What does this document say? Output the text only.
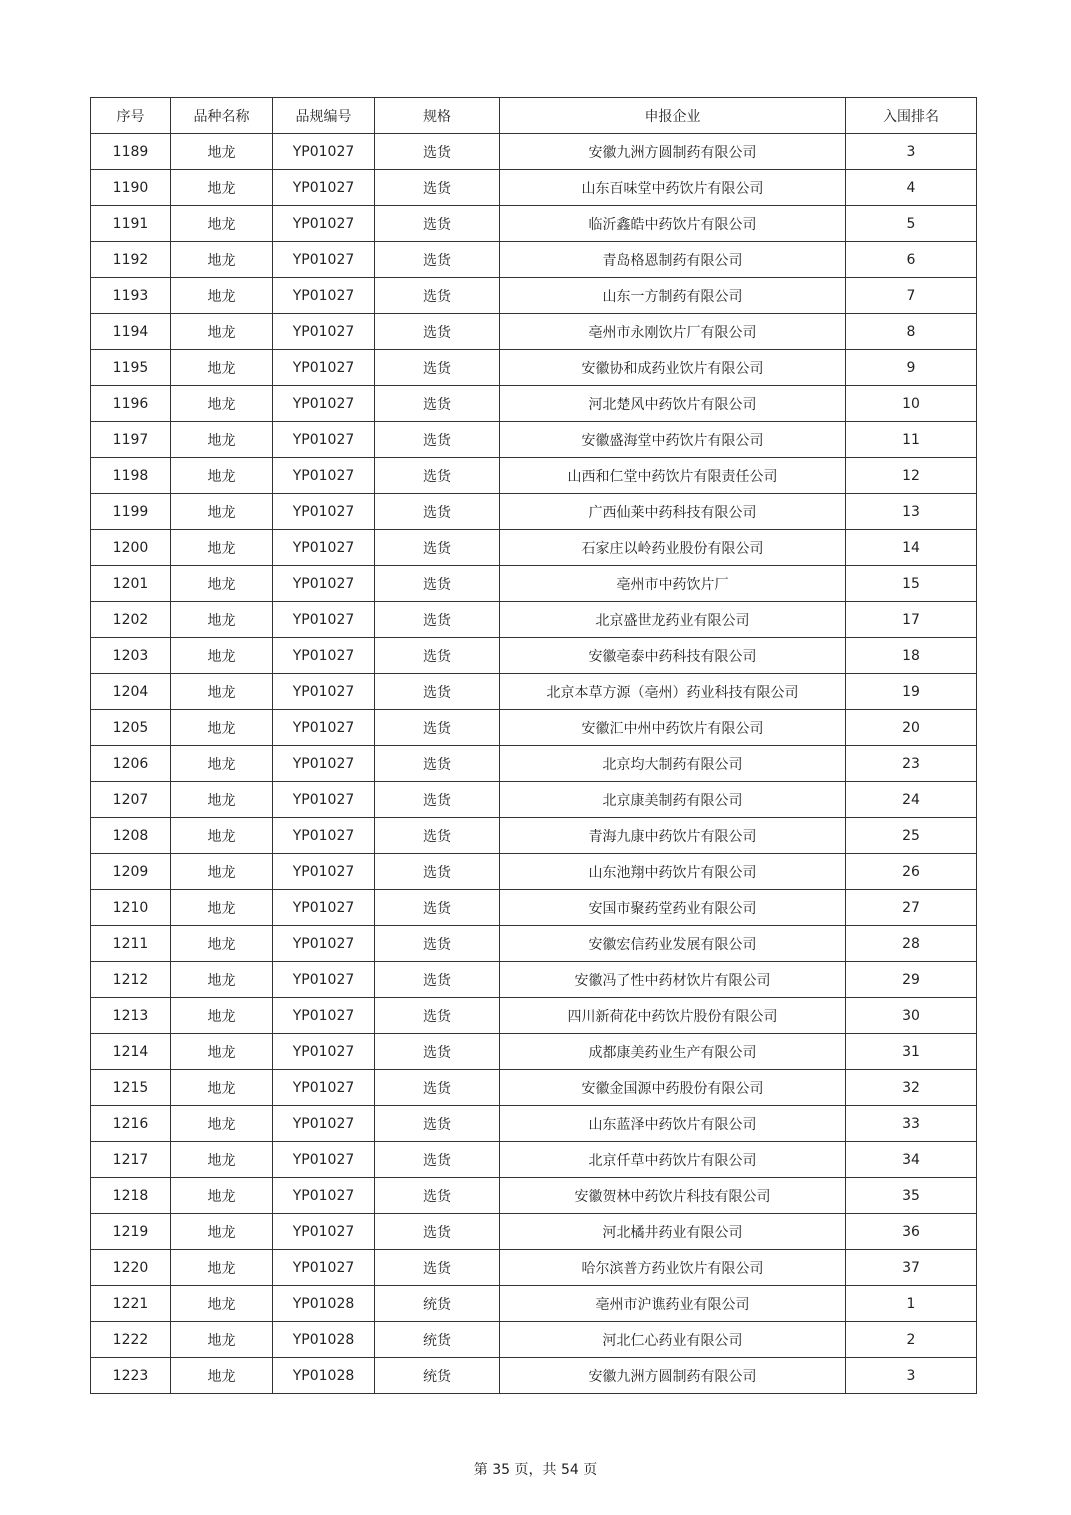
序号	品种名称	品规编号	规格	申报企业	入围排名
1189	地龙	YP01027	选货	安徽九洲方圆制药有限公司	3
1190	地龙	YP01027	选货	山东百味堂中药饮片有限公司	4
1191	地龙	YP01027	选货	临沂鑫皓中药饮片有限公司	5
1192	地龙	YP01027	选货	青岛格恩制药有限公司	6
1193	地龙	YP01027	选货	山东一方制药有限公司	7
1194	地龙	YP01027	选货	亳州市永刚饮片厂有限公司	8
1195	地龙	YP01027	选货	安徽协和成药业饮片有限公司	9
1196	地龙	YP01027	选货	河北楚风中药饮片有限公司	10
1197	地龙	YP01027	选货	安徽盛海堂中药饮片有限公司	11
1198	地龙	YP01027	选货	山西和仁堂中药饮片有限责任公司	12
1199	地龙	YP01027	选货	广西仙莱中药科技有限公司	13
1200	地龙	YP01027	选货	石家庄以岭药业股份有限公司	14
1201	地龙	YP01027	选货	亳州市中药饮片厂	15
1202	地龙	YP01027	选货	北京盛世龙药业有限公司	17
1203	地龙	YP01027	选货	安徽亳泰中药科技有限公司	18
1204	地龙	YP01027	选货	北京本草方源（亳州）药业科技有限公司	19
1205	地龙	YP01027	选货	安徽汇中州中药饮片有限公司	20
1206	地龙	YP01027	选货	北京均大制药有限公司	23
1207	地龙	YP01027	选货	北京康美制药有限公司	24
1208	地龙	YP01027	选货	青海九康中药饮片有限公司	25
1209	地龙	YP01027	选货	山东池翔中药饮片有限公司	26
1210	地龙	YP01027	选货	安国市聚药堂药业有限公司	27
1211	地龙	YP01027	选货	安徽宏信药业发展有限公司	28
1212	地龙	YP01027	选货	安徽冯了性中药材饮片有限公司	29
1213	地龙	YP01027	选货	四川新荷花中药饮片股份有限公司	30
1214	地龙	YP01027	选货	成都康美药业生产有限公司	31
1215	地龙	YP01027	选货	安徽金国源中药股份有限公司	32
1216	地龙	YP01027	选货	山东蓝泽中药饮片有限公司	33
1217	地龙	YP01027	选货	北京仟草中药饮片有限公司	34
1218	地龙	YP01027	选货	安徽贺林中药饮片科技有限公司	35
1219	地龙	YP01027	选货	河北橘井药业有限公司	36
1220	地龙	YP01027	选货	哈尔滨普方药业饮片有限公司	37
1221	地龙	YP01028	统货	亳州市沪谯药业有限公司	1
1222	地龙	YP01028	统货	河北仁心药业有限公司	2
1223	地龙	YP01028	统货	安徽九洲方圆制药有限公司	3
第 35 页，共 54 页
